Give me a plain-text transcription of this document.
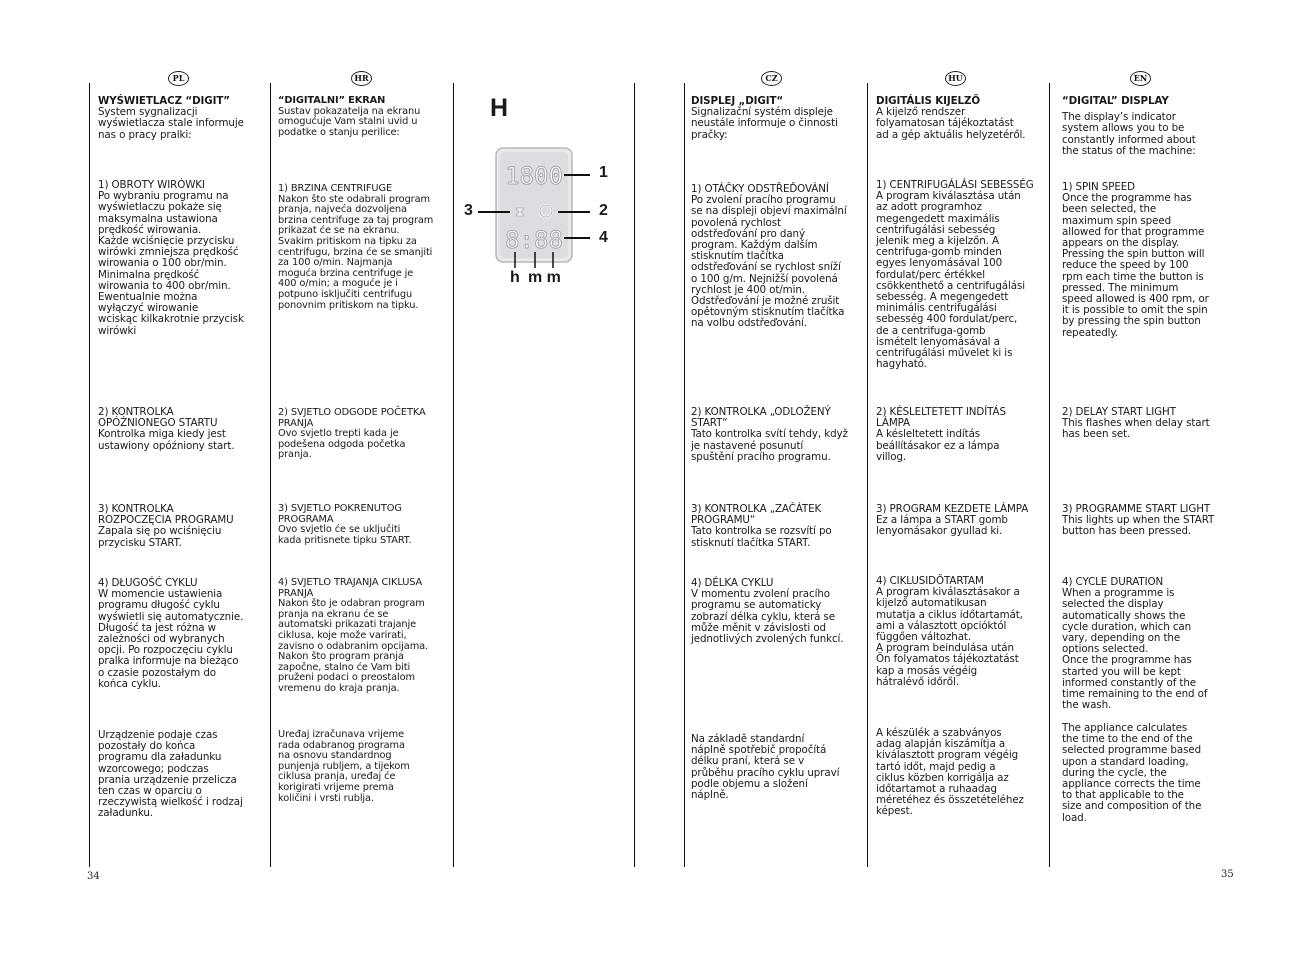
PL	HR	CZ	HU	EN

WYŚWIETLACZ “DIGIT”

System sygnalizacji
wyświetlacza stale informuje
nas o pracy pralki:

1) OBROTY WIRÓWKI
Po wybraniu programu na
wyświetlaczu pokaże się
maksymalna ustawiona
prędkość wirowania.
Każde wciśnięcie przycisku
wirówki zmniejsza prędkość
wirowania o 100 obr/min.
Minimalna prędkość
wirowania to 400 obr/min.
Ewentualnie można
wyłączyć wirowanie
wciskąc kilkakrotnie przycisk
wirówki

2) KONTROLKA
OPÓŹNIONEGO STARTU
Kontrolka miga kiedy jest
ustawiony opóźniony start.

3) KONTROLKA
ROZPOCZĘCIA PROGRAMU
Zapala się po wciśnięciu
przycisku START.

4) DŁUGOŚĆ CYKLU
W momencie ustawienia
programu długość cyklu
wyświetli się automatycznie.
Długość ta jest różna w
zależności od wybranych
opcji. Po rozpoczęciu cyklu
pralka informuje na bieżąco
o czasie pozostałym do
końca cyklu.

Urządzenie podaje czas
pozostały do końca
programu dla załadunku
wzorcowego; podczas
prania urządzenie przelicza
ten czas w oparciu o
rzeczywistą wielkość i rodzaj
załadunku.

“DIGITALNI” EKRAN

Sustav pokazatelja na ekranu
omogućuje Vam stalni uvid u
podatke o stanju perilice:

1) BRZINA CENTRIFUGE
Nakon što ste odabrali program
pranja, najveća dozvoljena
brzina centrifuge za taj program
prikazat će se na ekranu.
Svakim pritiskom na tipku za
centrifugu, brzina će se smanjiti
za 100 o/min. Najmanja
moguća brzina centrifuge je
400 o/min; a moguće je i
potpuno isključiti centrifugu
ponovnim pritiskom na tipku.

2) SVJETLO ODGODE POČETKA
PRANJA
Ovo svjetlo trepti kada je
podešena odgoda početka
pranja.

3) SVJETLO POKRENUTOG
PROGRAMA
Ovo svjetlo će se uključiti
kada pritisnete tipku START.

4) SVJETLO TRAJANJA CIKLUSA
PRANJA
Nakon što je odabran program
pranja na ekranu će se
automatski prikazati trajanje
ciklusa, koje može varirati,
zavisno o odabranim opcijama.
Nakon što program pranja
započne, stalno će Vam biti
pruženi podaci o preostalom
vremenu do kraja pranja.

Uređaj izračunava vrijeme
rada odabranog programa
na osnovu standardnog
punjenja rubljem, a tijekom
ciklusa pranja, uređaj će
korigirati vrijeme prema
količini i vrsti rublja.

H
1800
⧗
8:88
1
2
3
4
h m m

DISPLEJ „DIGIT“

Signalizační systém displeje
neustále informuje o činnosti
pračky:

1) OTÁČKY ODSTŘEĎOVÁNÍ
Po zvolení pracího programu
se na displeji objeví maximální
povolená rychlost
odstřeďování pro daný
program. Každým dalším
stisknutím tlačítka
odstřeďování se rychlost sníží
o 100 g/m. Nejnižší povolená
rychlost je 400 ot/min.
Odstřeďování je možné zrušit
opětovným stisknutím tlačítka
na volbu odstřeďování.

2) KONTROLKA „ODLOŽENÝ
START“
Tato kontrolka svítí tehdy, když
je nastavené posunutí
spuštění pracího programu.

3) KONTROLKA „ZAČÁTEK
PROGRAMU“
Tato kontrolka se rozsvítí po
stisknutí tlačítka START.

4) DÉLKA CYKLU
V momentu zvolení pracího
programu se automaticky
zobrazí délka cyklu, která se
může měnit v závislosti od
jednotlivých zvolených funkcí.

Na základě standardní
náplně spotřebič propočítá
délku praní, která se v
průběhu pracího cyklu upraví
podle objemu a složení
náplně.

DIGITÁLIS KIJELZŐ

A kijelző rendszer
folyamatosan tájékoztatást
ad a gép aktuális helyzetéről.

1) CENTRIFUGÁLÁSI SEBESSÉG
A program kiválasztása után
az adott programhoz
megengedett maximális
centrifugálási sebesség
jelenik meg a kijelzőn. A
centrifuga-gomb minden
egyes lenyomásával 100
fordulat/perc értékkel
csökkenthető a centrifugálási
sebesség. A megengedett
minimális centrifugálási
sebesség 400 fordulat/perc,
de a centrifuga-gomb
ismételt lenyomásával a
centrifugálási művelet ki is
hagyható.

2) KÉSLELTETETT INDÍTÁS
LÁMPA
A késleltetett indítás
beállításakor ez a lámpa
villog.

3) PROGRAM KEZDETE LÁMPA
Ez a lámpa a START gomb
lenyomásakor gyullad ki.

4) CIKLUSIDŐTARTAM
A program kiválasztásakor a
kijelző automatikusan
mutatja a ciklus időtartamát,
ami a választott opcióktól
függően változhat.
A program beindulása után
Ön folyamatos tájékoztatást
kap a mosás végéig
hátralévő időről.

A készülék a szabványos
adag alapján kiszámítja a
kiválasztott program végéig
tartó időt, majd pedig a
ciklus közben korrigálja az
időtartamot a ruhaadag
méretéhez és összetételéhez
képest.

“DIGITAL” DISPLAY

The display’s indicator
system allows you to be
constantly informed about
the status of the machine:

1) SPIN SPEED
Once the programme has
been selected, the
maximum spin speed
allowed for that programme
appears on the display.
Pressing the spin button will
reduce the speed by 100
rpm each time the button is
pressed. The minimum
speed allowed is 400 rpm, or
it is possible to omit the spin
by pressing the spin button
repeatedly.

2) DELAY START LIGHT
This flashes when delay start
has been set.

3) PROGRAMME START LIGHT
This lights up when the START
button has been pressed.

4) CYCLE DURATION
When a programme is
selected the display
automatically shows the
cycle duration, which can
vary, depending on the
options selected.
Once the programme has
started you will be kept
informed constantly of the
time remaining to the end of
the wash.

The appliance calculates
the time to the end of the
selected programme based
upon a standard loading,
during the cycle, the
appliance corrects the time
to that applicable to the
size and composition of the
load.

34	35
